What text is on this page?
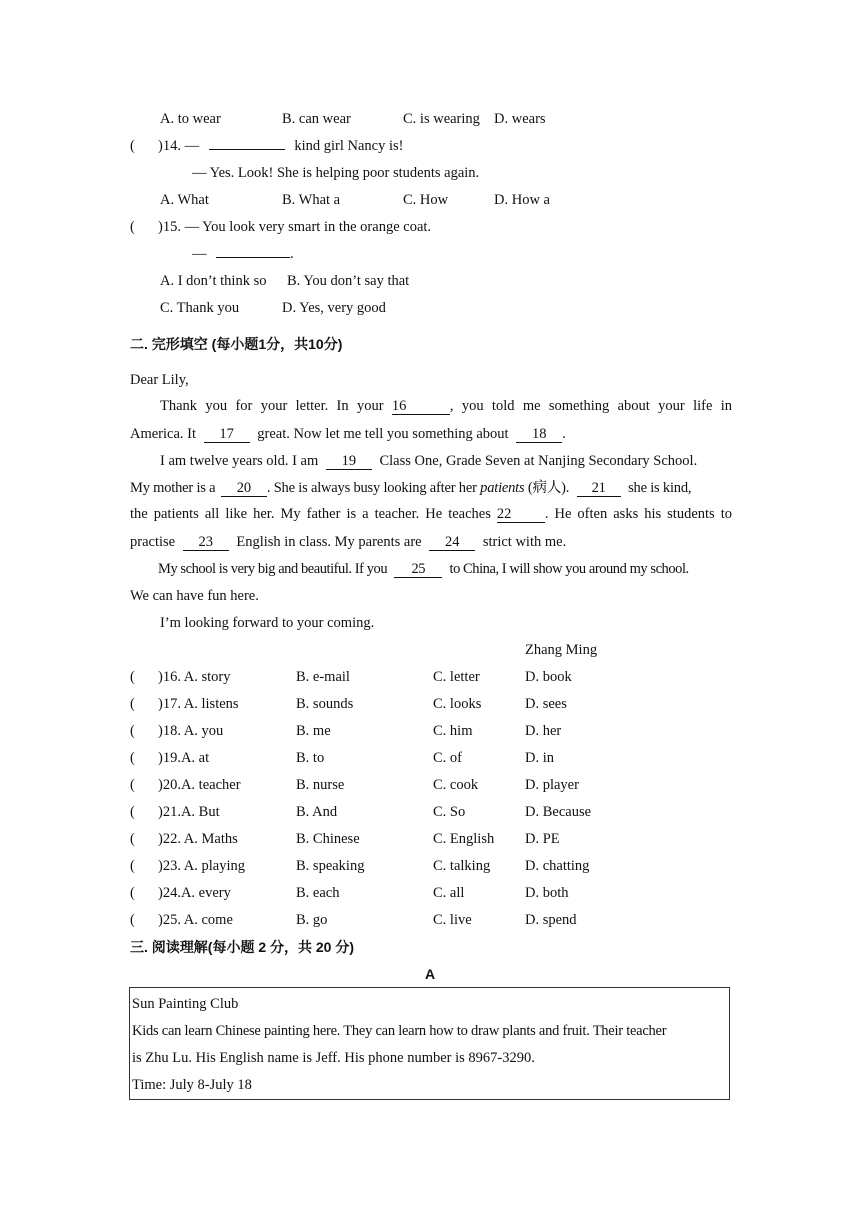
A. to wear	B. can wear	C. is wearing D. wears
( )14. —	kind girl Nancy is!
— Yes. Look! She is helping poor students again.
A. What	B. What a	C. How	D. How a
( )15. — You look very smart in the orange coat.
—	.
A. I don’t think so B. You don’t say that
C. Thank you	D. Yes, very good
二. 完形填空 (每小题1分，共10分)
Dear Lily,
Thank you for your letter. In your 16	, you told me something about your life in
America. It 17 great. Now let me tell you something about 18 .
I am twelve years old. I am 19 Class One, Grade Seven at Nanjing Secondary School.
My mother is a 20 . She is always busy looking after her patients (病人). 21 she is kind,
the patients all like her. My father is a teacher. He teaches 22 . He often asks his students to
practise 23 English in class. My parents are 24 strict with me.
My school is very big and beautiful. If you 25 to China, I will show you around my school.
We can have fun here.
I’m looking forward to your coming.
Zhang Ming
( )16. A. story	B. e-mail	C. letter	D. book
( )17. A. listens	B. sounds	C. looks	D. sees
( )18. A. you	B. me	C. him	D. her
( )19.A. at	B. to	C. of	D. in
( )20.A. teacher	B. nurse	C. cook	D. player
( )21.A. But	B. And	C. So	D. Because
( )22. A. Maths	B. Chinese	C. English D. PE
( )23. A. playing	B. speaking	C. talking D. chatting
( )24.A. every	B. each	C. all	D. both
( )25. A. come	B. go	C. live	D. spend
三. 阅读理解(每小题 2 分，共 20 分)
A
Sun Painting Club
Kids can learn Chinese painting here. They can learn how to draw plants and fruit. Their teacher
is Zhu Lu. His English name is Jeff. His phone number is 8967-3290.
Time: July 8-July 18
